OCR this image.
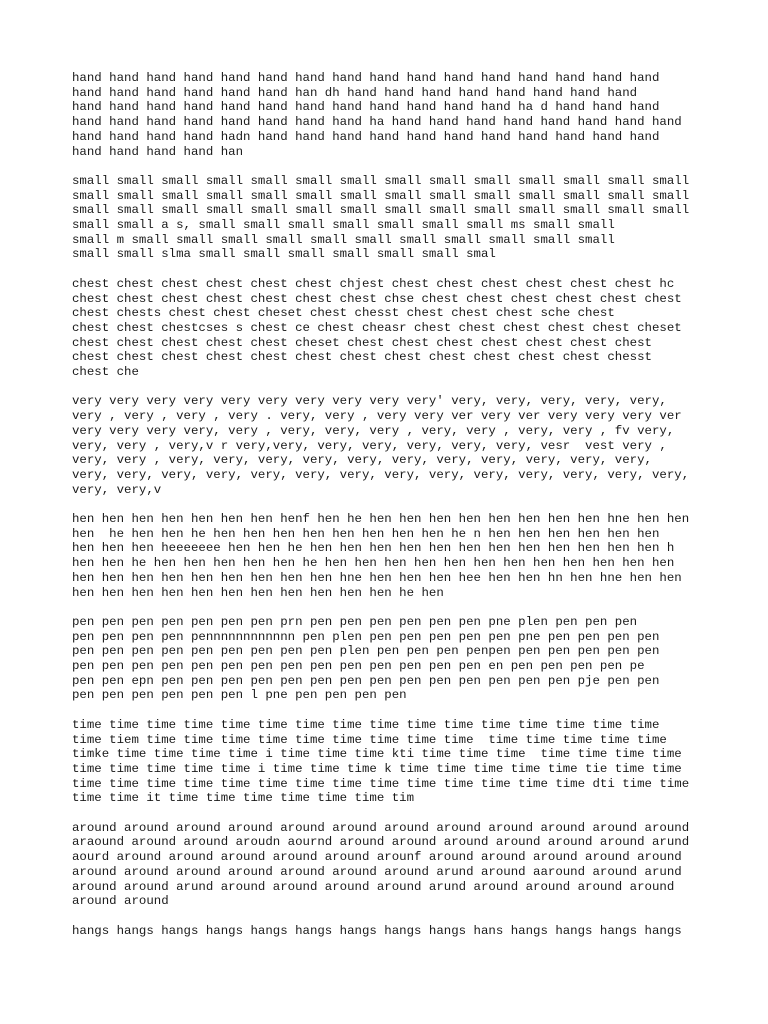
hand hand hand hand hand hand hand hand hand hand hand hand hand hand hand hand
hand hand hand hand hand hand han dh hand hand hand hand hand hand hand hand
hand hand hand hand hand hand hand hand hand hand hand hand ha d hand hand hand
hand hand hand hand hand hand hand hand ha hand hand hand hand hand hand hand hand
hand hand hand hand hadn hand hand hand hand hand hand hand hand hand hand hand
hand hand hand hand han
small small small small small small small small small small small small small small
small small small small small small small small small small small small small small
small small small small small small small small small small small small small small
small small a s, small small small small small small small ms small small
small m small small small small small small small small small small small
small small slma small small small small small small smal
chest chest chest chest chest chest chjest chest chest chest chest chest chest hc
chest chest chest chest chest chest chest chse chest chest chest chest chest chest
chest chests chest chest cheset chest chesst chest chest chest sche chest
chest chest chestcses s chest ce chest cheasr chest chest chest chest chest cheset
chest chest chest chest chest cheset chest chest chest chest chest chest chest
chest chest chest chest chest chest chest chest chest chest chest chest chesst
chest che
very very very very very very very very very very' very, very, very, very, very,
very , very , very , very . very, very , very very ver very ver very very very ver
very very very very, very , very, very, very , very, very , very, very , fv very,
very, very , very,v r very,very, very, very, very, very, very, vesr  vest very ,
very, very , very, very, very, very, very, very, very, very, very, very, very,
very, very, very, very, very, very, very, very, very, very, very, very, very, very,
very, very,v
hen hen hen hen hen hen hen henf hen he hen hen hen hen hen hen hen hen hne hen hen
hen  he hen hen he hen hen hen hen hen hen hen hen he n hen hen hen hen hen hen
hen hen hen heeeeeee hen hen he hen hen hen hen hen hen hen hen hen hen hen hen h
hen hen he hen hen hen hen hen he hen hen hen hen hen hen hen hen hen hen hen hen
hen hen hen hen hen hen hen hen hen hne hen hen hen hee hen hen hn hen hne hen hen
hen hen hen hen hen hen hen hen hen hen hen he hen
pen pen pen pen pen pen pen prn pen pen pen pen pen pen pne plen pen pen pen
pen pen pen pen pennnnnnnnnnnn pen plen pen pen pen pen pen pne pen pen pen pen
pen pen pen pen pen pen pen pen pen plen pen pen pen penpen pen pen pen pen pen
pen pen pen pen pen pen pen pen pen pen pen pen pen pen en pen pen pen pen pe
pen pen epn pen pen pen pen pen pen pen pen pen pen pen pen pen pen pje pen pen
pen pen pen pen pen pen l pne pen pen pen pen
time time time time time time time time time time time time time time time time
time tiem time time time time time time time time time  time time time time time
timke time time time time i time time time kti time time time  time time time time
time time time time time i time time time k time time time time time tie time time
time time time time time time time time time time time time time time dti time time
time time it time time time time time time tim
around around around around around around around around around around around around
araound around around aroudn aournd around around around around around around arund
aourd around around around around around arounf around around around around around
around around around around around around around arund around aaround around arund
around around arund around around around around arund around around around around
around around
hangs hangs hangs hangs hangs hangs hangs hangs hangs hans hangs hangs hangs hangs
